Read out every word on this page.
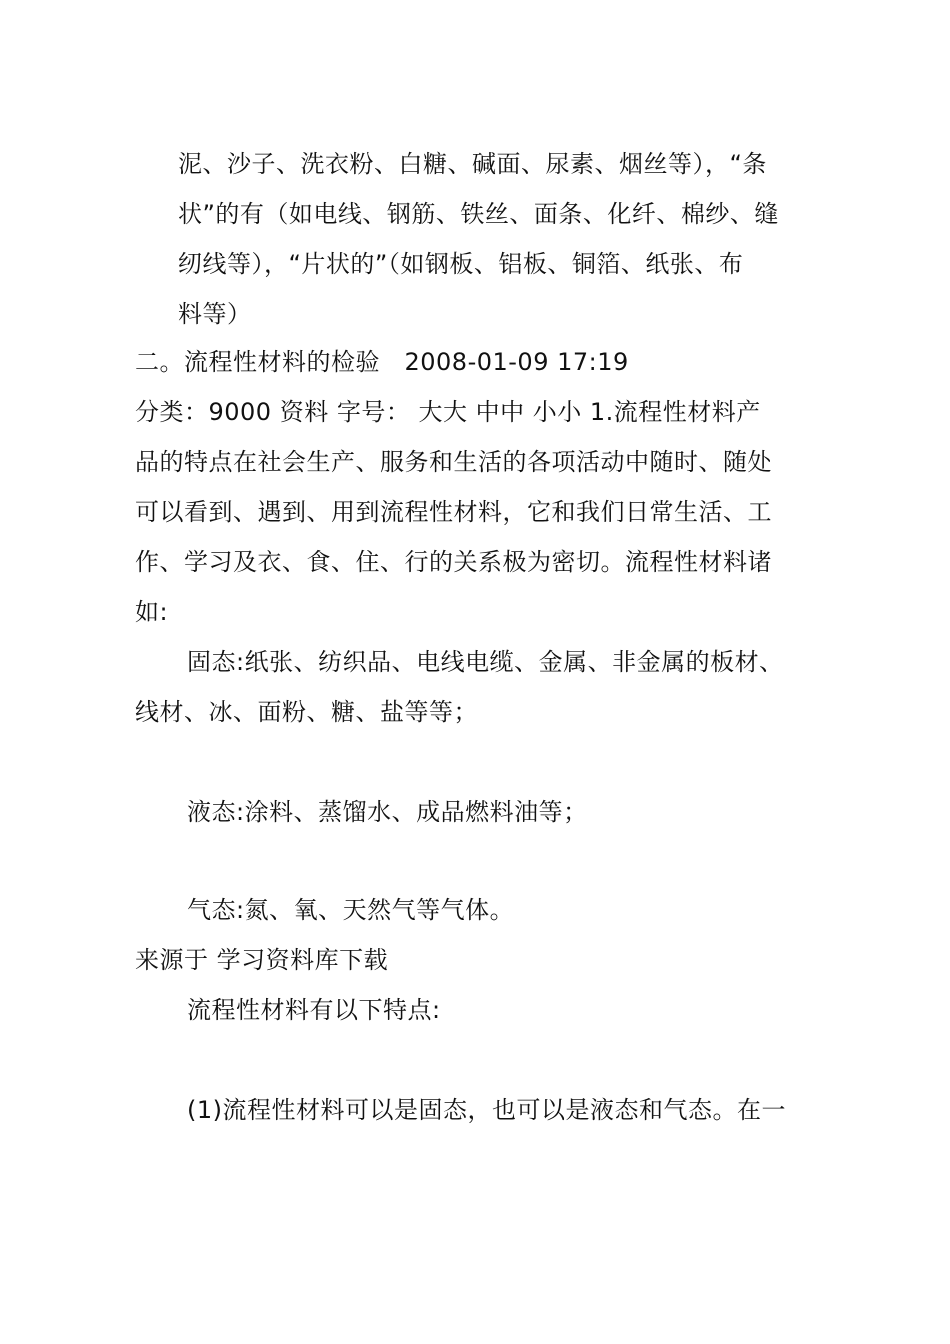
泥、沙子、洗衣粉、白糖、碱面、尿素、烟丝等），“条
状”的有（如电线、钢筋、铁丝、面条、化纤、棉纱、缝
纫线等），“片状的”（如钢板、铝板、铜箔、纸张、布
料等）
二。流程性材料的检验　2008-01-09 17:19
分类：9000 资料 字号： 大大 中中 小小 1.流程性材料产
品的特点在社会生产、服务和生活的各项活动中随时、随处
可以看到、遇到、用到流程性材料，它和我们日常生活、工
作、学习及衣、食、住、行的关系极为密切。流程性材料诸
如:
固态:纸张、纺织品、电线电缆、金属、非金属的板材、
线材、冰、面粉、糖、盐等等；
液态:涂料、蒸馏水、成品燃料油等；
气态:氮、氧、天然气等气体。
来源于 学习资料库下载
流程性材料有以下特点:
(1)流程性材料可以是固态，也可以是液态和气态。在一
